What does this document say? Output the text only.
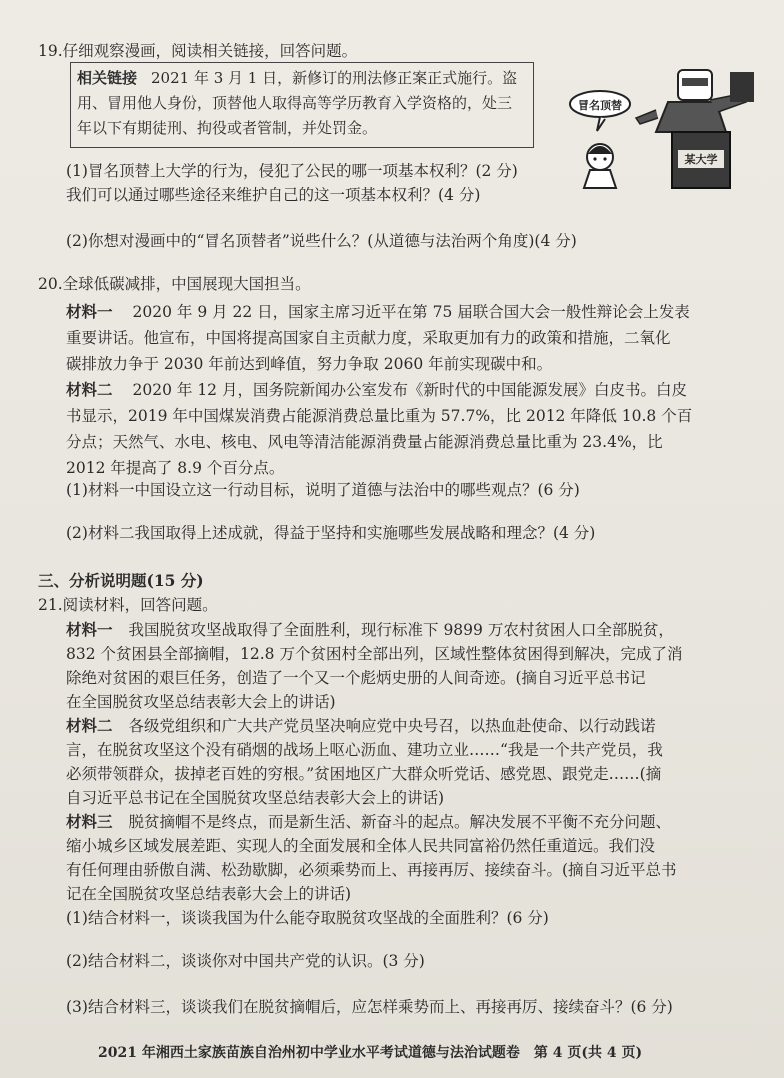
19.仔细观察漫画，阅读相关链接，回答问题。
相关链接 2021 年 3 月 1 日，新修订的刑法修正案正式施行。盗
用、冒用他人身份，顶替他人取得高等学历教育入学资格的，处三
年以下有期徒刑、拘役或者管制，并处罚金。
冒名顶替
某大学
(1)冒名顶替上大学的行为，侵犯了公民的哪一项基本权利？(2 分)
我们可以通过哪些途径来维护自己的这一项基本权利？(4 分)
(2)你想对漫画中的“冒名顶替者”说些什么？(从道德与法治两个角度)(4 分)
20.全球低碳减排，中国展现大国担当。
材料一 2020 年 9 月 22 日，国家主席习近平在第 75 届联合国大会一般性辩论会上发表
重要讲话。他宣布，中国将提高国家自主贡献力度，采取更加有力的政策和措施，二氧化
碳排放力争于 2030 年前达到峰值，努力争取 2060 年前实现碳中和。
材料二 2020 年 12 月，国务院新闻办公室发布《新时代的中国能源发展》白皮书。白皮
书显示，2019 年中国煤炭消费占能源消费总量比重为 57.7%，比 2012 年降低 10.8 个百
分点；天然气、水电、核电、风电等清洁能源消费量占能源消费总量比重为 23.4%，比
2012 年提高了 8.9 个百分点。
(1)材料一中国设立这一行动目标，说明了道德与法治中的哪些观点？(6 分)
(2)材料二我国取得上述成就，得益于坚持和实施哪些发展战略和理念？(4 分)
三、分析说明题(15 分)
21.阅读材料，回答问题。
材料一 我国脱贫攻坚战取得了全面胜利，现行标准下 9899 万农村贫困人口全部脱贫，
832 个贫困县全部摘帽，12.8 万个贫困村全部出列，区域性整体贫困得到解决，完成了消
除绝对贫困的艰巨任务，创造了一个又一个彪炳史册的人间奇迹。(摘自习近平总书记
在全国脱贫攻坚总结表彰大会上的讲话)
材料二 各级党组织和广大共产党员坚决响应党中央号召，以热血赴使命、以行动践诺
言，在脱贫攻坚这个没有硝烟的战场上呕心沥血、建功立业……“我是一个共产党员，我
必须带领群众，拔掉老百姓的穷根。”贫困地区广大群众听党话、感党恩、跟党走……(摘
自习近平总书记在全国脱贫攻坚总结表彰大会上的讲话)
材料三 脱贫摘帽不是终点，而是新生活、新奋斗的起点。解决发展不平衡不充分问题、
缩小城乡区域发展差距、实现人的全面发展和全体人民共同富裕仍然任重道远。我们没
有任何理由骄傲自满、松劲歇脚，必须乘势而上、再接再厉、接续奋斗。(摘自习近平总书
记在全国脱贫攻坚总结表彰大会上的讲话)
(1)结合材料一，谈谈我国为什么能夺取脱贫攻坚战的全面胜利？(6 分)
(2)结合材料二，谈谈你对中国共产党的认识。(3 分)
(3)结合材料三，谈谈我们在脱贫摘帽后，应怎样乘势而上、再接再厉、接续奋斗？(6 分)
2021 年湘西土家族苗族自治州初中学业水平考试道德与法治试题卷　第 4 页(共 4 页)
